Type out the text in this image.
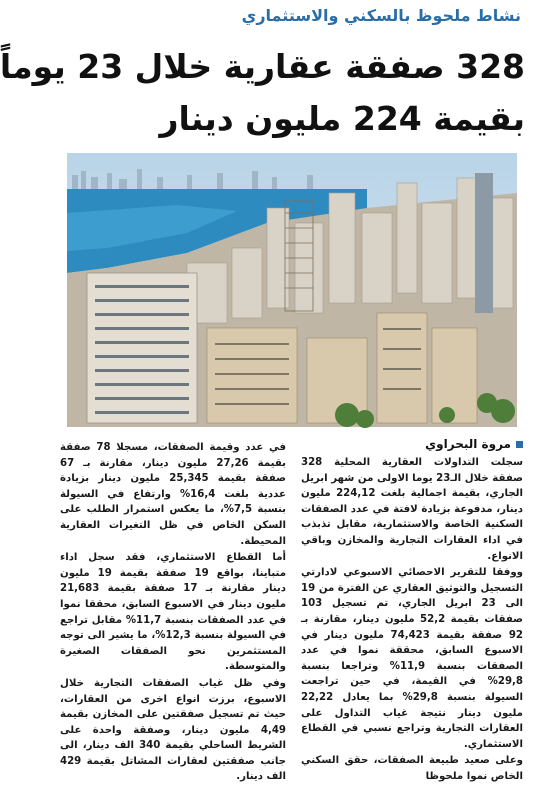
نشاط ملحوظ بالسكني والاستثماري
328 صفقة عقارية خلال 23 يوماً
بقيمة 224 مليون دينار
مروة البحراوي

سجلت التداولات العقارية المحلية 328 صفقة خلال الـ23 يوما الاولى من شهر ابريل الجاري، بقيمة اجمالية بلغت 224,12 مليون دينار، مدفوعة بزيادة لافتة في عدد الصفقات السكنية الخاصة والاستثمارية، مقابل تذبذب في اداء العقارات التجارية والمخازن وباقي الانواع.

ووفقا للتقرير الاحصائي الاسبوعي لادارتي التسجيل والتوثيق العقاري عن الفترة من 19 الى 23 ابريل الجاري، تم تسجيل 103 صفقات بقيمة 52,2 مليون دينار، مقارنة بـ 92 صفقة بقيمة 74,423 مليون دينار في الاسبوع السابق، محققة نموا في عدد الصفقات بنسبة 11,9% وتراجعا بنسبة 29,8% في القيمة، في حين تراجعت السيولة بنسبة 29,8% بما يعادل 22,22 مليون دينار نتيجة غياب التداول على العقارات التجارية وتراجع نسبي في القطاع الاستثماري.

وعلى صعيد طبيعة الصفقات، حقق السكني الخاص نموا ملحوظا

في عدد وقيمة الصفقات، مسجلا 78 صفقة بقيمة 27,26 مليون دينار، مقارنة بـ 67 صفقة بقيمة 25,345 مليون دينار بزيادة عددية بلغت 16,4% وارتفاع في السيولة بنسبة 7,5%، ما يعكس استمرار الطلب على السكن الخاص في ظل التغيرات العقارية المحيطة.

أما القطاع الاستثماري، فقد سجل اداء متباينا، بواقع 19 صفقة بقيمة 19 مليون دينار مقارنة بـ 17 صفقة بقيمة 21,683 مليون دينار في الاسبوع السابق، محققا نموا في عدد الصفقات بنسبة 11,7% مقابل تراجع في السيولة بنسبة 12,3%، ما يشير الى توجه المستثمرين نحو الصفقات الصغيرة والمتوسطة.

وفي ظل غياب الصفقات التجارية خلال الاسبوع، برزت انواع اخرى من العقارات، حيث تم تسجيل صفقتين على المخازن بقيمة 4,49 مليون دينار، وصفقة واحدة على الشريط الساحلي بقيمة 340 الف دينار، الى جانب صفقتين لعقارات المشاتل بقيمة 429 الف دينار.
